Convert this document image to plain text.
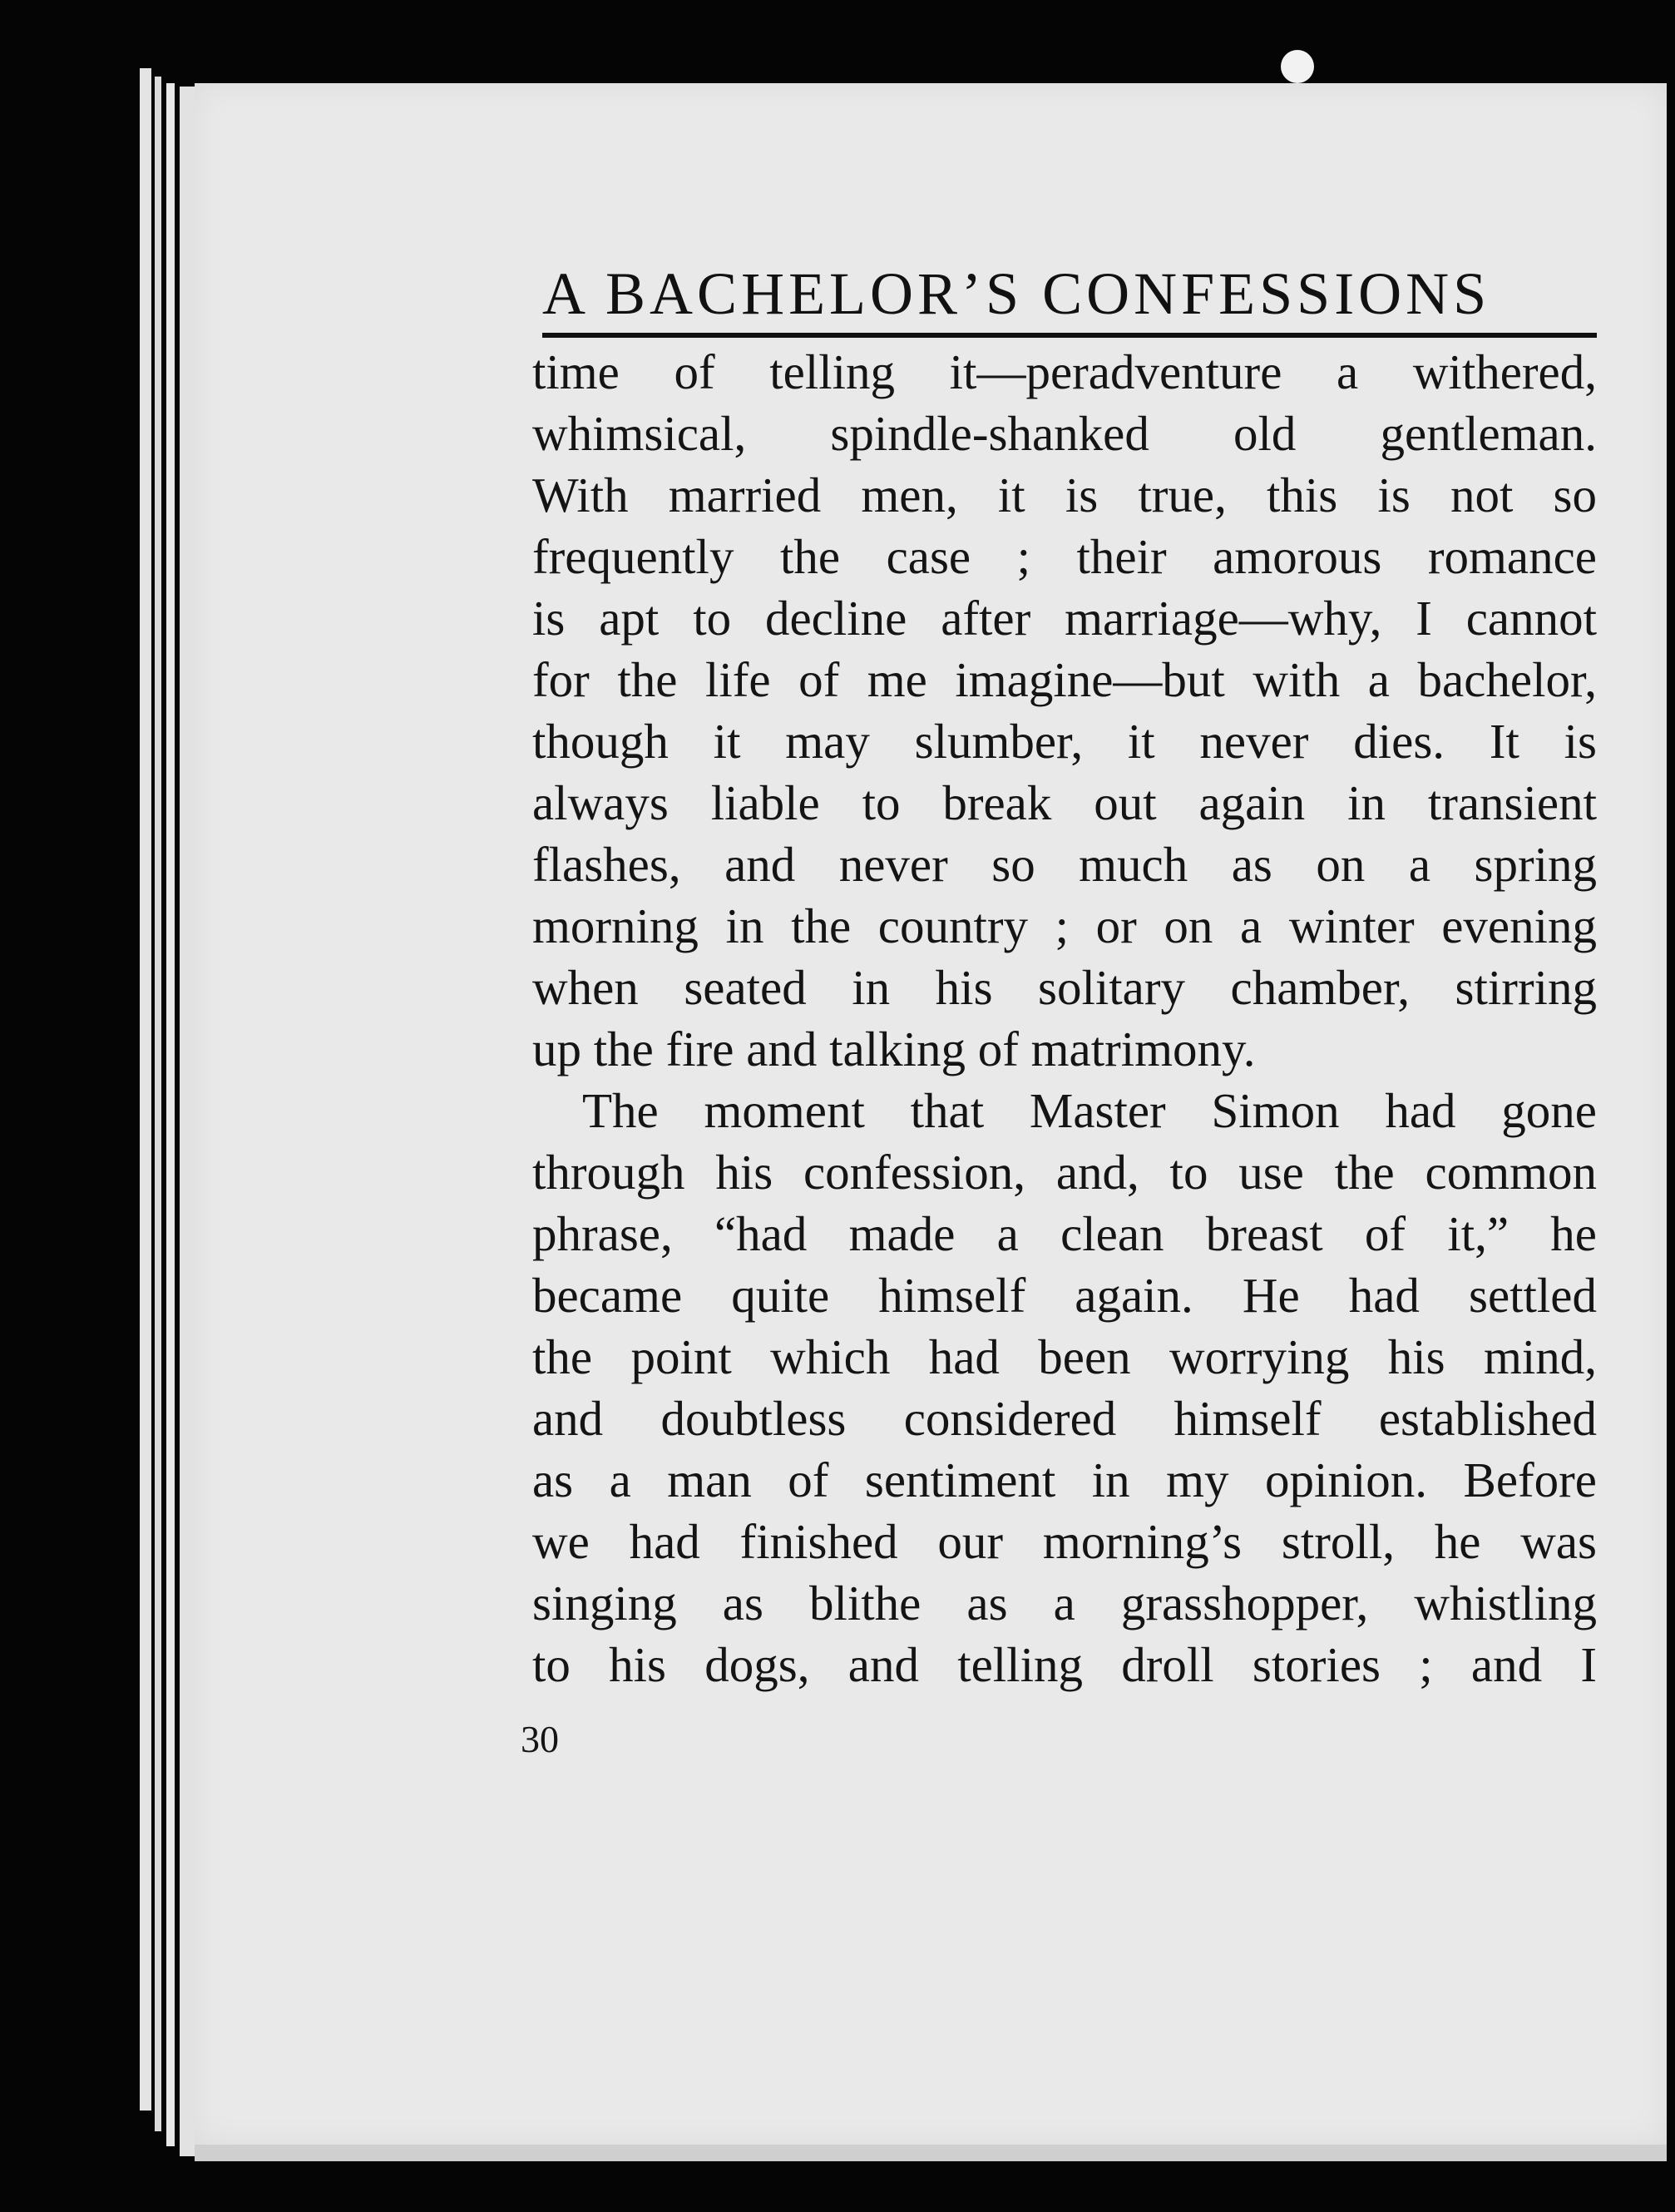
A BACHELOR’S CONFESSIONS
time of telling it—peradventure a withered,
whimsical, spindle-shanked old gentleman.
With married men, it is true, this is not so
frequently the case ; their amorous romance
is apt to decline after marriage—why, I cannot
for the life of me imagine—but with a bachelor,
though it may slumber, it never dies. It is
always liable to break out again in transient
flashes, and never so much as on a spring
morning in the country ; or on a winter evening
when seated in his solitary chamber, stirring
up the fire and talking of matrimony.
The moment that Master Simon had gone
through his confession, and, to use the common
phrase, “had made a clean breast of it,” he
became quite himself again. He had settled
the point which had been worrying his mind,
and doubtless considered himself established
as a man of sentiment in my opinion. Before
we had finished our morning’s stroll, he was
singing as blithe as a grasshopper, whistling
to his dogs, and telling droll stories ; and I
30
